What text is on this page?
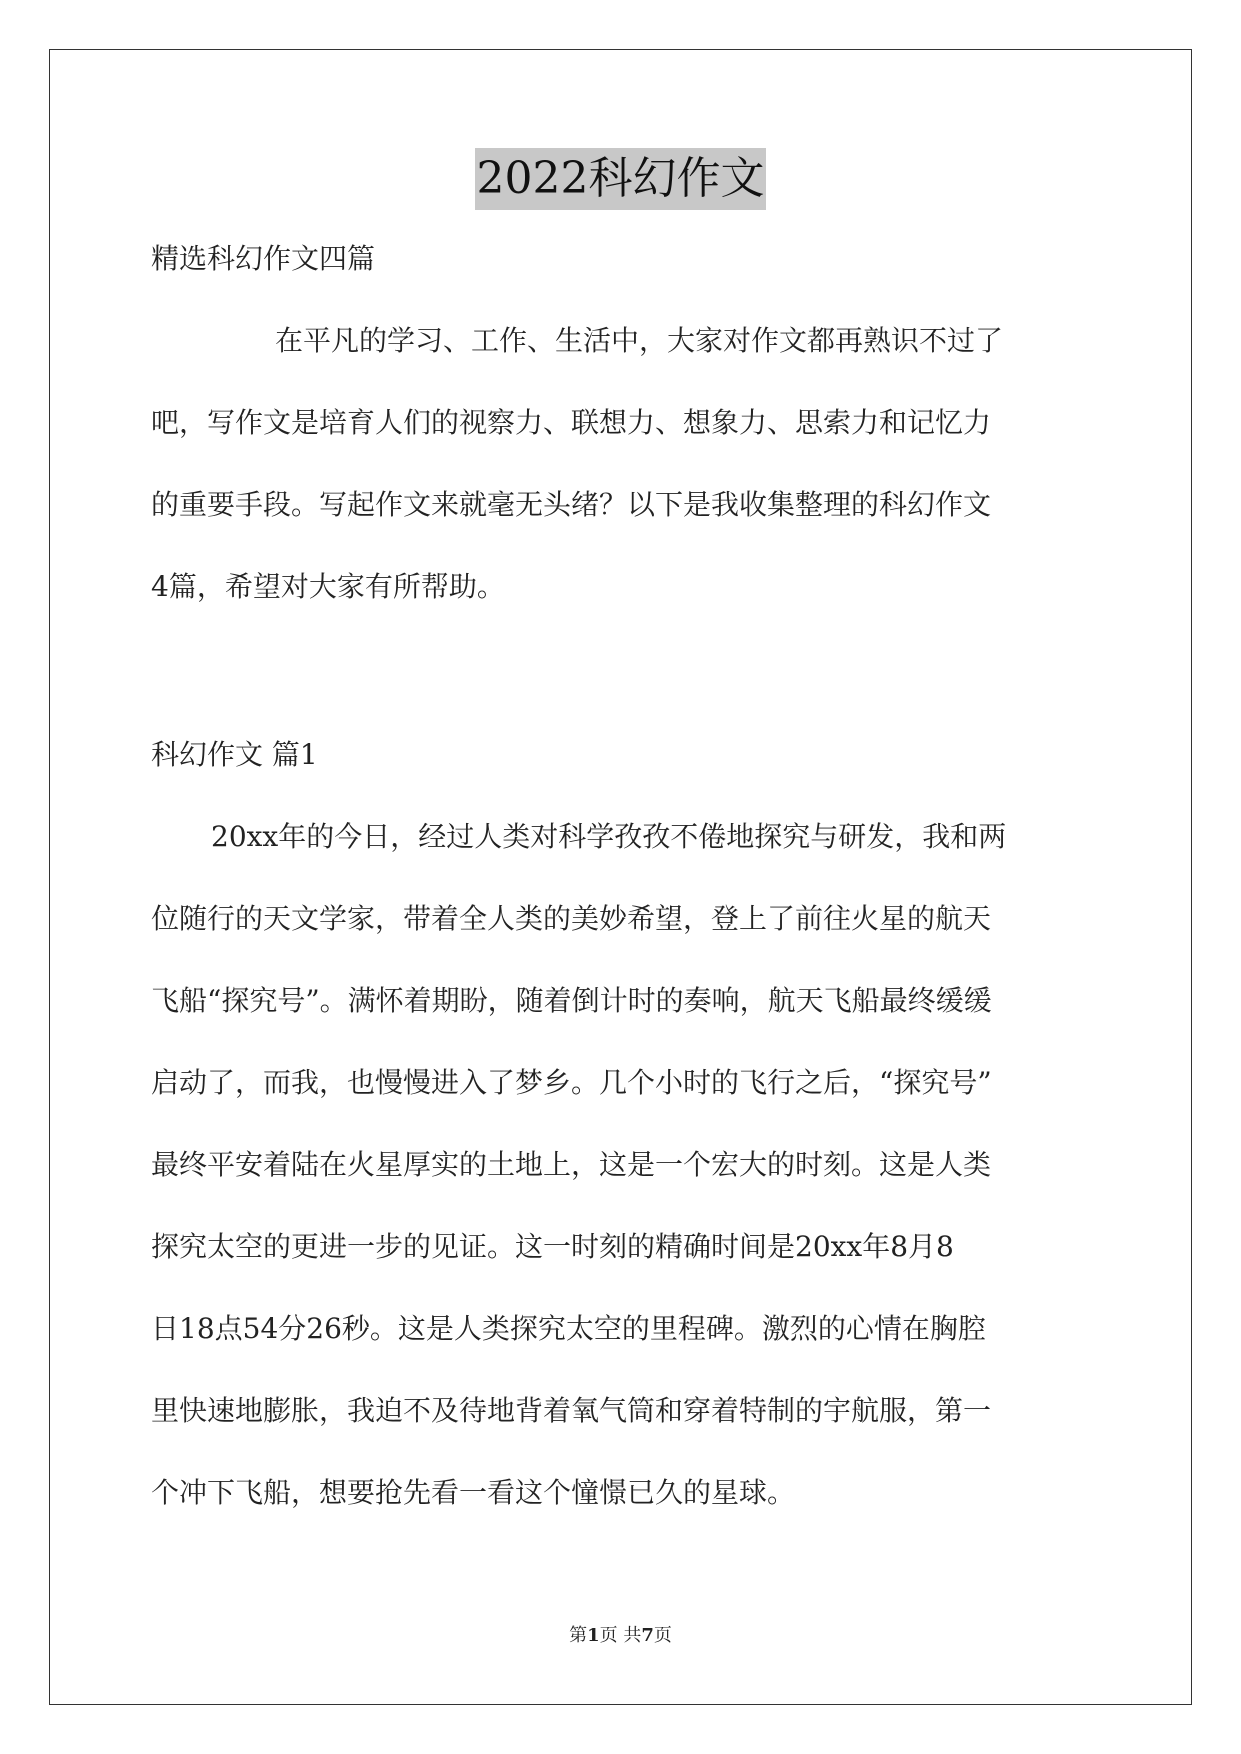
2022科幻作文
精选科幻作文四篇
在平凡的学习、工作、生活中，大家对作文都再熟识不过了
吧，写作文是培育人们的视察力、联想力、想象力、思索力和记忆力
的重要手段。写起作文来就毫无头绪？以下是我收集整理的科幻作文
4篇，希望对大家有所帮助。
科幻作文 篇1
20xx年的今日，经过人类对科学孜孜不倦地探究与研发，我和两
位随行的天文学家，带着全人类的美妙希望，登上了前往火星的航天
飞船“探究号”。满怀着期盼，随着倒计时的奏响，航天飞船最终缓缓
启动了，而我，也慢慢进入了梦乡。几个小时的飞行之后，“探究号”
最终平安着陆在火星厚实的土地上，这是一个宏大的时刻。这是人类
探究太空的更进一步的见证。这一时刻的精确时间是20xx年8月8
日18点54分26秒。这是人类探究太空的里程碑。激烈的心情在胸腔
里快速地膨胀，我迫不及待地背着氧气筒和穿着特制的宇航服，第一
个冲下飞船，想要抢先看一看这个憧憬已久的星球。
第1页 共7页
